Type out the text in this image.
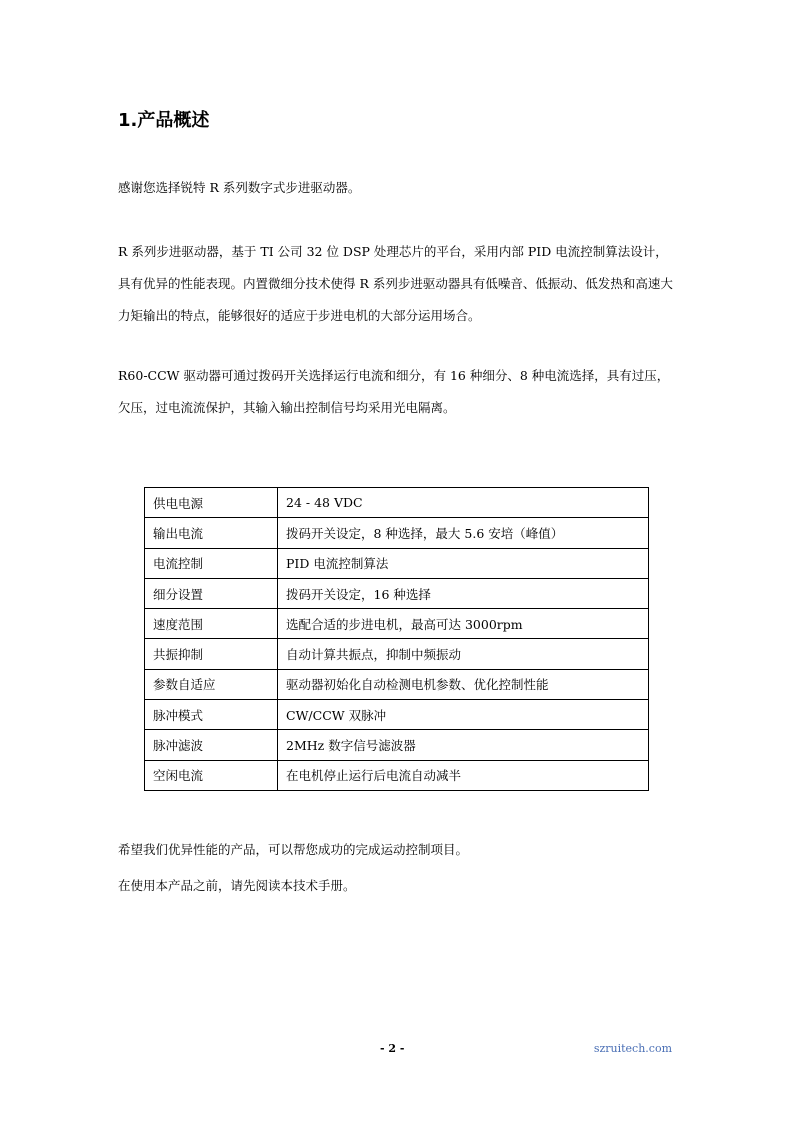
1.产品概述

感谢您选择锐特 R 系列数字式步进驱动器。

R 系列步进驱动器，基于 TI 公司 32 位 DSP 处理芯片的平台，采用内部 PID 电流控制算法设计，具有优异的性能表现。内置微细分技术使得 R 系列步进驱动器具有低噪音、低振动、低发热和高速大力矩输出的特点，能够很好的适应于步进电机的大部分运用场合。

R60-CCW 驱动器可通过拨码开关选择运行电流和细分，有 16 种细分、8 种电流选择，具有过压，欠压，过电流流保护，其输入输出控制信号均采用光电隔离。

供电电源	24 - 48 VDC
输出电流	拨码开关设定，8 种选择，最大 5.6 安培（峰值）
电流控制	PID 电流控制算法
细分设置	拨码开关设定，16 种选择
速度范围	选配合适的步进电机，最高可达 3000rpm
共振抑制	自动计算共振点，抑制中频振动
参数自适应	驱动器初始化自动检测电机参数、优化控制性能
脉冲模式	CW/CCW 双脉冲
脉冲滤波	2MHz 数字信号滤波器
空闲电流	在电机停止运行后电流自动减半

希望我们优异性能的产品，可以帮您成功的完成运动控制项目。

在使用本产品之前，请先阅读本技术手册。

- 2 -	szruitech.com
